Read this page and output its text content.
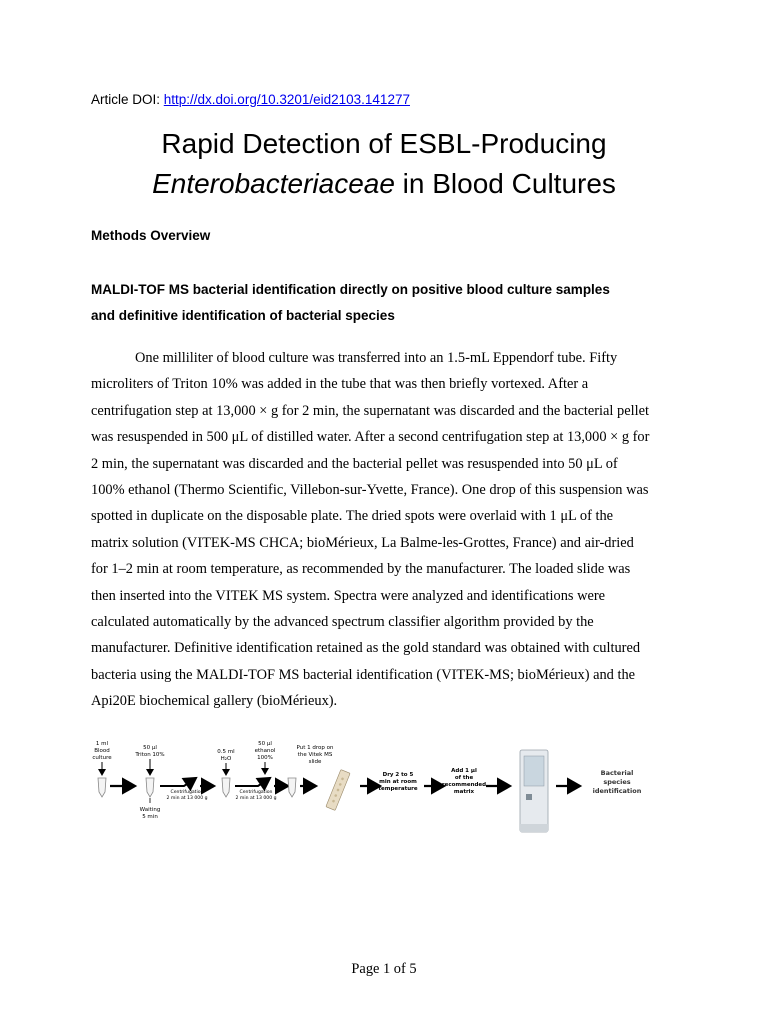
Article DOI: http://dx.doi.org/10.3201/eid2103.141277
Rapid Detection of ESBL-Producing
Enterobacteriaceae in Blood Cultures
Methods Overview
MALDI-TOF MS bacterial identification directly on positive blood culture samples
and definitive identification of bacterial species
One milliliter of blood culture was transferred into an 1.5-mL Eppendorf tube. Fifty
microliters of Triton 10% was added in the tube that was then briefly vortexed. After a
centrifugation step at 13,000 × g for 2 min, the supernatant was discarded and the bacterial pellet
was resuspended in 500 μL of distilled water. After a second centrifugation step at 13,000 × g for
2 min, the supernatant was discarded and the bacterial pellet was resuspended into 50 μL of
100% ethanol (Thermo Scientific, Villebon-sur-Yvette, France). One drop of this suspension was
spotted in duplicate on the disposable plate. The dried spots were overlaid with 1 μL of the
matrix solution (VITEK-MS CHCA; bioMérieux, La Balme-les-Grottes, France) and air-dried
for 1–2 min at room temperature, as recommended by the manufacturer. The loaded slide was
then inserted into the VITEK MS system. Spectra were analyzed and identifications were
calculated automatically by the advanced spectrum classifier algorithm provided by the
manufacturer. Definitive identification retained as the gold standard was obtained with cultured
bacteria using the MALDI-TOF MS bacterial identification (VITEK-MS; bioMérieux) and the
Api20E biochemical gallery (bioMérieux).
1 ml
Blood
culture
50 µl
Triton 10%
Waiting
5 min
Centrifugation
2 min at 13 000 g
0.5 ml
H₂O
Centrifugation
2 min at 13 000 g
50 µl
ethanol
100%
Put 1 drop on
the Vitek MS
slide
Dry 2 to 5
min at room
temperature
Add 1 µl
of the
recommended
matrix
Bacterial
species
identification
Page 1 of 5
